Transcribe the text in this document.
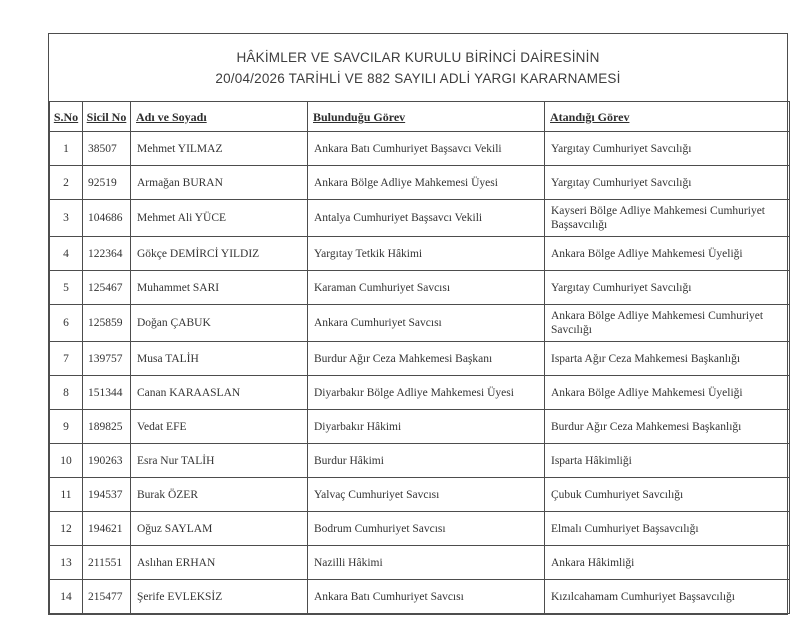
HÂKİMLER VE SAVCILAR KURULU BİRİNCİ DAİRESİNİN
20/04/2026 TARİHLİ VE 882 SAYILI ADLİ YARGI KARARNAMESİ
S.No	Sicil No	Adı ve Soyadı	Bulunduğu Görev	Atandığı Görev
1	38507	Mehmet YILMAZ	Ankara Batı Cumhuriyet Başsavcı Vekili	Yargıtay Cumhuriyet Savcılığı
2	92519	Armağan BURAN	Ankara Bölge Adliye Mahkemesi Üyesi	Yargıtay Cumhuriyet Savcılığı
3	104686	Mehmet Ali YÜCE	Antalya Cumhuriyet Başsavcı Vekili	Kayseri Bölge Adliye Mahkemesi Cumhuriyet Başsavcılığı
4	122364	Gökçe DEMİRCİ YILDIZ	Yargıtay Tetkik Hâkimi	Ankara Bölge Adliye Mahkemesi Üyeliği
5	125467	Muhammet SARI	Karaman Cumhuriyet Savcısı	Yargıtay Cumhuriyet Savcılığı
6	125859	Doğan ÇABUK	Ankara Cumhuriyet Savcısı	Ankara Bölge Adliye Mahkemesi Cumhuriyet Savcılığı
7	139757	Musa TALİH	Burdur Ağır Ceza Mahkemesi Başkanı	Isparta Ağır Ceza Mahkemesi Başkanlığı
8	151344	Canan KARAASLAN	Diyarbakır Bölge Adliye Mahkemesi Üyesi	Ankara Bölge Adliye Mahkemesi Üyeliği
9	189825	Vedat EFE	Diyarbakır Hâkimi	Burdur Ağır Ceza Mahkemesi Başkanlığı
10	190263	Esra Nur TALİH	Burdur Hâkimi	Isparta Hâkimliği
11	194537	Burak ÖZER	Yalvaç Cumhuriyet Savcısı	Çubuk Cumhuriyet Savcılığı
12	194621	Oğuz SAYLAM	Bodrum Cumhuriyet Savcısı	Elmalı Cumhuriyet Başsavcılığı
13	211551	Aslıhan ERHAN	Nazilli Hâkimi	Ankara Hâkimliği
14	215477	Şerife EVLEKSİZ	Ankara Batı Cumhuriyet Savcısı	Kızılcahamam Cumhuriyet Başsavcılığı
